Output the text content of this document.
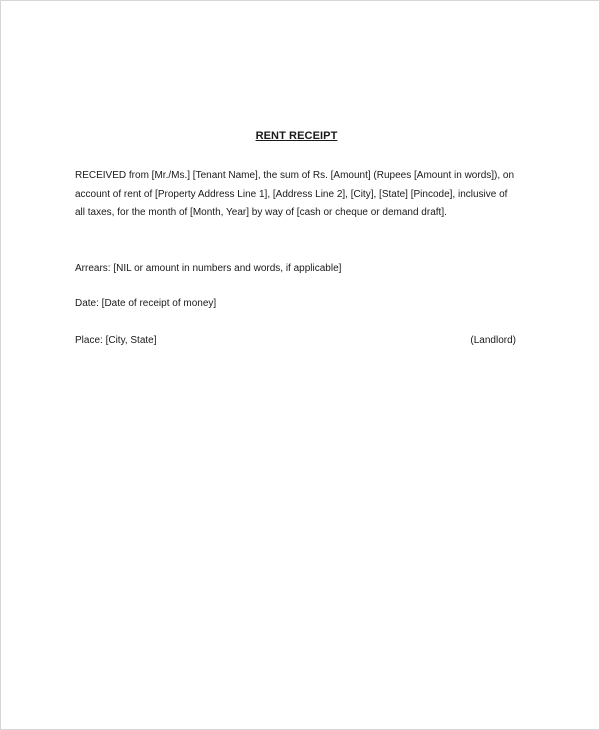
RENT RECEIPT

RECEIVED from [Mr./Ms.] [Tenant Name], the sum of Rs. [Amount] (Rupees [Amount in words]), on account of rent of [Property Address Line 1], [Address Line 2], [City], [State] [Pincode], inclusive of all taxes, for the month of [Month, Year] by way of [cash or cheque or demand draft].

Arrears: [NIL or amount in numbers and words, if applicable]
Date: [Date of receipt of money]
Place: [City, State]	(Landlord)
